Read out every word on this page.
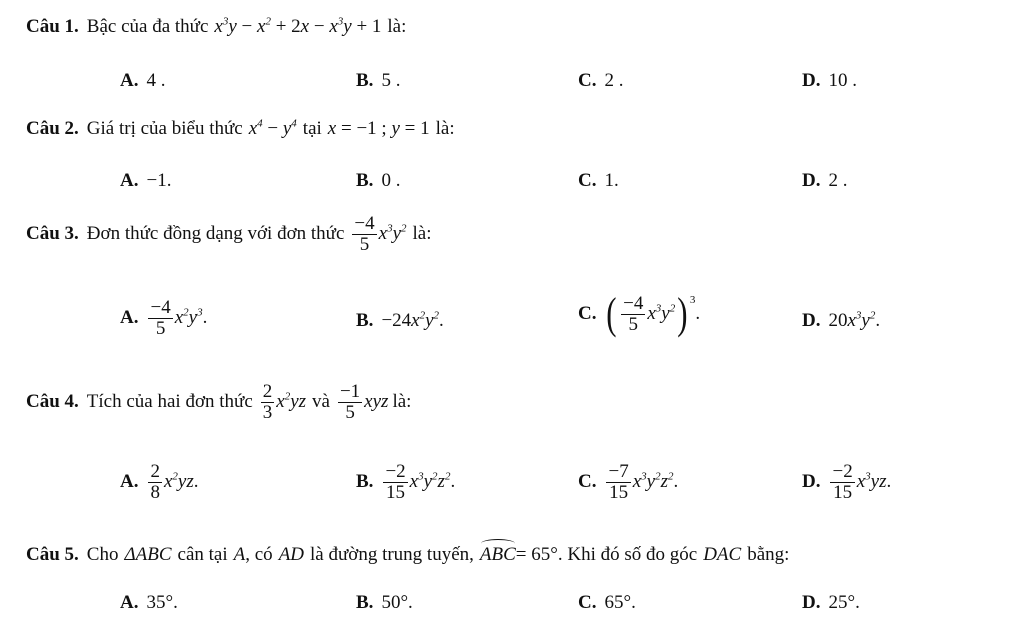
Câu 1. Bậc của đa thức $x^3y - x^2 + 2x - x^3y + 1$ là:
A. 4 .	B. 5 .	C. 2 .	D. 10 .
Câu 2. Giá trị của biểu thức $x^4 - y^4$ tại x = −1 ; y = 1 là:
A. −1.	B. 0 .	C. 1.	D. 2 .
Câu 3. Đơn thức đồng dạng với đơn thức $\frac{-4}{5} x^3y^2$ là:
A. $\frac{-4}{5} x^2y^3$ .	B. −24 $x^2y^2$ .	C. ( $\frac{-4}{5} x^3y^2$ )$^3$
.	D. 20 $x^3y^2$ .
Câu 4. Tích của hai đơn thức $\frac{2}{3} x^2yz$ và $\frac{-1}{5}$ xyz là:
A. $\frac{2}{8} x^2yz$ .	B. $\frac{-2}{15} x^3y^2z^2$ .	C. $\frac{-7}{15} x^3y^2z^2$ .	D. $\frac{-2}{15} x^3yz$ .
Câu 5. Cho ΔABC cân tại A , có AD là đường trung tuyến, ABC = 65° . Khi đó số đo góc DAC bằng:
A. 35°.	B. 50°.	C. 65°.	D. 25°.
